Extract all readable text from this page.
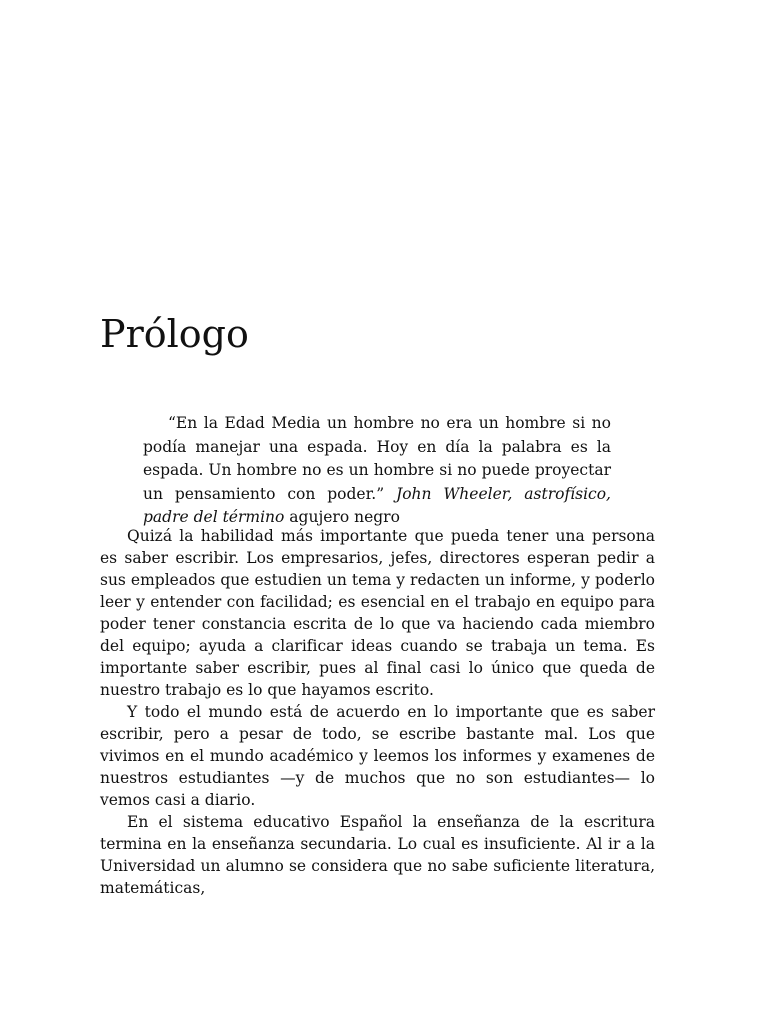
Prólogo

“En la Edad Media un hombre no era un hombre si no podía manejar una espada. Hoy en día la palabra es la espada. Un hombre no es un hombre si no puede proyectar un pensamiento con poder.” John Wheeler, astrofísico, padre del término agujero negro

Quizá la habilidad más importante que pueda tener una persona es saber escribir. Los empresarios, jefes, directores esperan pedir a sus empleados que estudien un tema y redacten un informe, y poderlo leer y entender con facilidad; es esencial en el trabajo en equipo para poder tener constancia escrita de lo que va haciendo cada miembro del equipo; ayuda a clarificar ideas cuando se trabaja un tema. Es importante saber escribir, pues al final casi lo único que queda de nuestro trabajo es lo que hayamos escrito.

Y todo el mundo está de acuerdo en lo importante que es saber escribir, pero a pesar de todo, se escribe bastante mal. Los que vivimos en el mundo académico y leemos los informes y examenes de nuestros estudiantes —y de muchos que no son estudiantes— lo vemos casi a diario.

En el sistema educativo Español la enseñanza de la escritura termina en la enseñanza secundaria. Lo cual es insuficiente. Al ir a la Universidad un alumno se considera que no sabe suficiente literatura, matemáticas,
